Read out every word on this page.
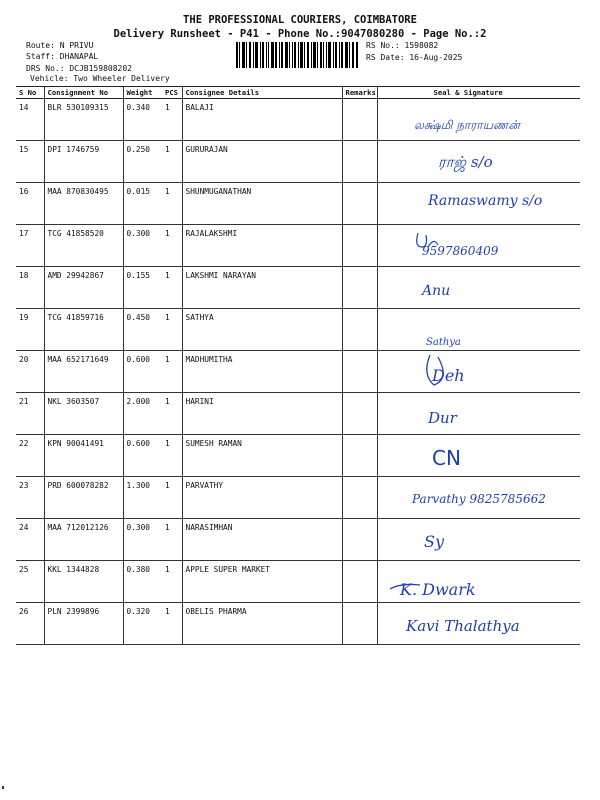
THE PROFESSIONAL COURIERS, COIMBATORE
Delivery Runsheet - P41 - Phone No.:9047080280 - Page No.:2
Route: N PRIVU
Staff: DHANAPAL
DRS No.: DCJB159808202
Vehicle: Two Wheeler Delivery
RS No.: 1598082
RS Date: 16-Aug-2025
S No	Consignment No	Weight	PCS	Consignee Details	Remarks	Seal & Signature
14	BLR 530109315	0.340	1	BALAJI		லக்ஷ்மி நாராயணன்

15	DPI 1746759	0.250	1	GURURAJAN		ராஜ் s/o

16	MAA 870830495	0.015	1	SHUNMUGANATHAN		Ramaswamy s/o

17	TCG 41858520	0.300	1	RAJALAKSHMI		9597860409

18	AMD 29942867	0.155	1	LAKSHMI NARAYAN		Anu

19	TCG 41859716	0.450	1	SATHYA		Sathya

20	MAA 652171649	0.600	1	MADHUMITHA		Deh

21	NKL 3603507	2.000	1	HARINI		Dur

22	KPN 90041491	0.600	1	SUMESH RAMAN		CN

23	PRD 600078282	1.300	1	PARVATHY		Parvathy 9825785662

24	MAA 712012126	0.300	1	NARASIMHAN		Sy

25	KKL 1344828	0.380	1	APPLE SUPER MARKET		K. Dwark

26	PLN 2399896	0.320	1	OBELIS PHARMA		Kavi Thalathya
